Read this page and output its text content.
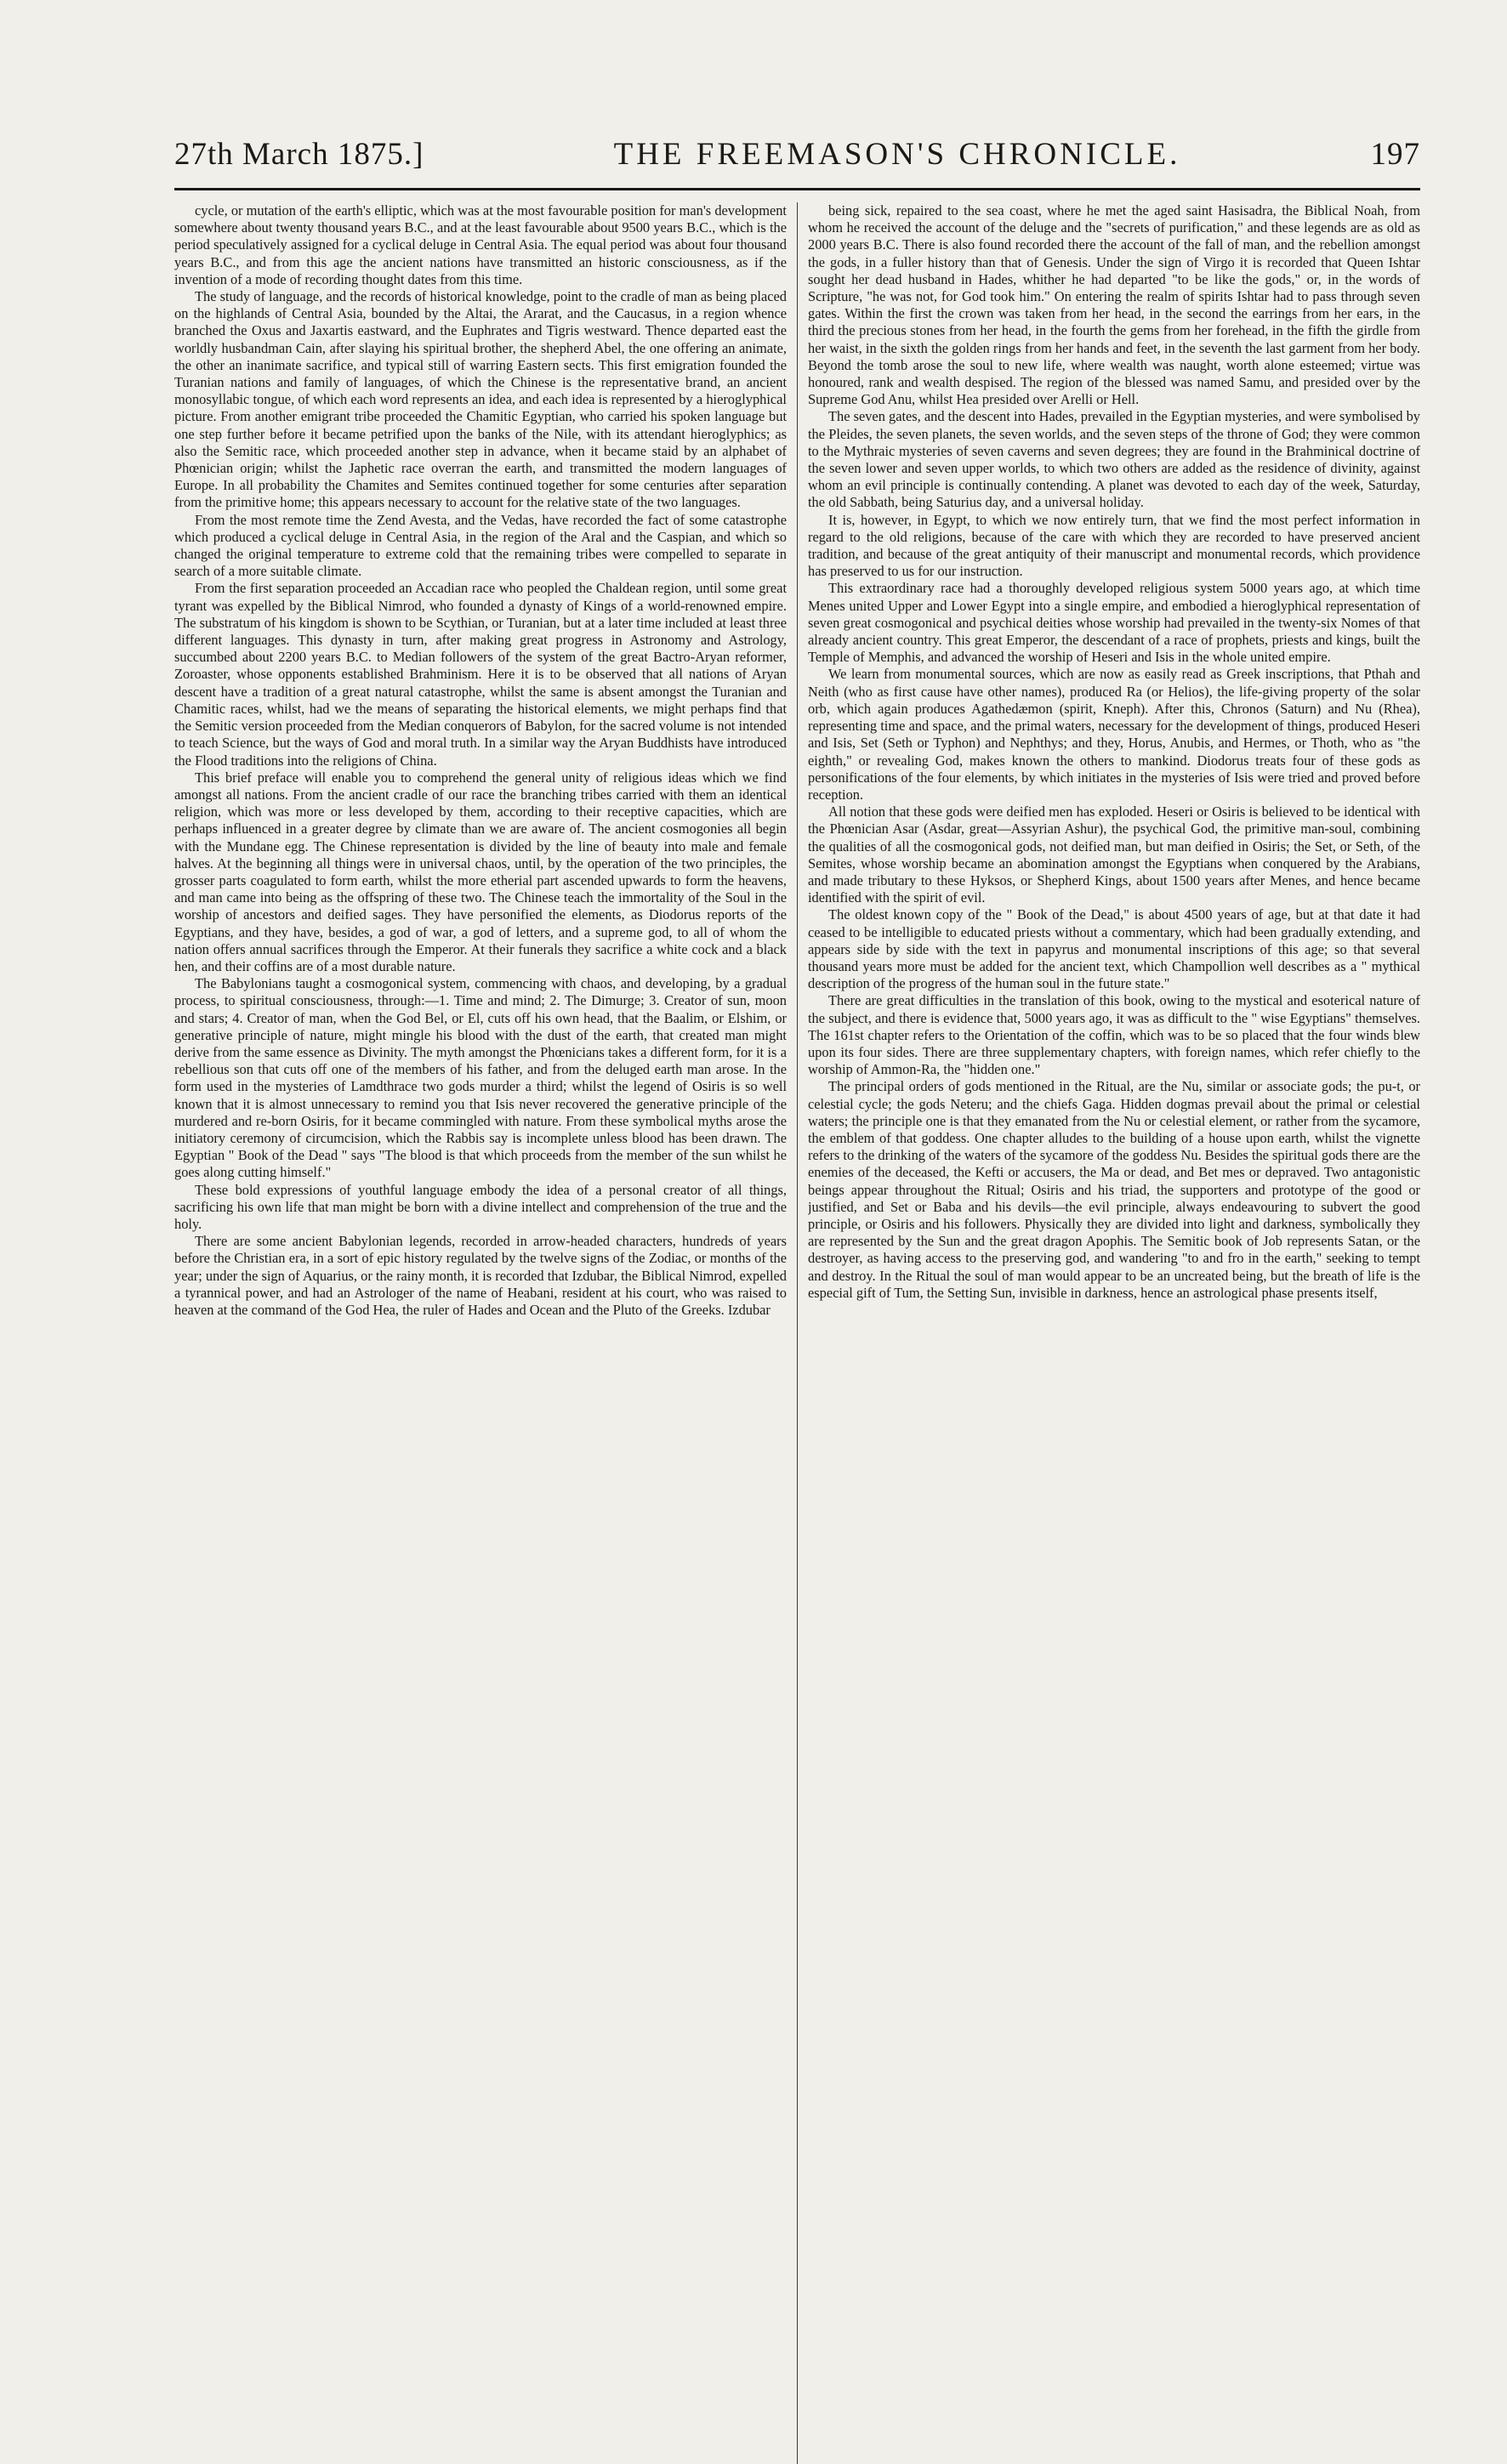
27th March 1875.]	THE FREEMASON'S CHRONICLE.	197

cycle, or mutation of the earth's elliptic, which was at the most favourable position for man's development somewhere about twenty thousand years B.C., and at the least favourable about 9500 years B.C., which is the period speculatively assigned for a cyclical deluge in Central Asia. The equal period was about four thousand years B.C., and from this age the ancient nations have transmitted an historic consciousness, as if the invention of a mode of recording thought dates from this time.

The study of language, and the records of historical knowledge, point to the cradle of man as being placed on the highlands of Central Asia, bounded by the Altai, the Ararat, and the Caucasus, in a region whence branched the Oxus and Jaxartis eastward, and the Euphrates and Tigris westward. Thence departed east the worldly husbandman Cain, after slaying his spiritual brother, the shepherd Abel, the one offering an animate, the other an inanimate sacrifice, and typical still of warring Eastern sects. This first emigration founded the Turanian nations and family of languages, of which the Chinese is the representative brand, an ancient monosyllabic tongue, of which each word represents an idea, and each idea is represented by a hieroglyphical picture. From another emigrant tribe proceeded the Chamitic Egyptian, who carried his spoken language but one step further before it became petrified upon the banks of the Nile, with its attendant hieroglyphics; as also the Semitic race, which proceeded another step in advance, when it became staid by an alphabet of Phœnician origin; whilst the Japhetic race overran the earth, and transmitted the modern languages of Europe. In all probability the Chamites and Semites continued together for some centuries after separation from the primitive home; this appears necessary to account for the relative state of the two languages.

From the most remote time the Zend Avesta, and the Vedas, have recorded the fact of some catastrophe which produced a cyclical deluge in Central Asia, in the region of the Aral and the Caspian, and which so changed the original temperature to extreme cold that the remaining tribes were compelled to separate in search of a more suitable climate.

From the first separation proceeded an Accadian race who peopled the Chaldean region, until some great tyrant was expelled by the Biblical Nimrod, who founded a dynasty of Kings of a world-renowned empire. The substratum of his kingdom is shown to be Scythian, or Turanian, but at a later time included at least three different languages. This dynasty in turn, after making great progress in Astronomy and Astrology, succumbed about 2200 years B.C. to Median followers of the system of the great Bactro-Aryan reformer, Zoroaster, whose opponents established Brahminism. Here it is to be observed that all nations of Aryan descent have a tradition of a great natural catastrophe, whilst the same is absent amongst the Turanian and Chamitic races, whilst, had we the means of separating the historical elements, we might perhaps find that the Semitic version proceeded from the Median conquerors of Babylon, for the sacred volume is not intended to teach Science, but the ways of God and moral truth. In a similar way the Aryan Buddhists have introduced the Flood traditions into the religions of China.

This brief preface will enable you to comprehend the general unity of religious ideas which we find amongst all nations. From the ancient cradle of our race the branching tribes carried with them an identical religion, which was more or less developed by them, according to their receptive capacities, which are perhaps influenced in a greater degree by climate than we are aware of. The ancient cosmogonies all begin with the Mundane egg. The Chinese representation is divided by the line of beauty into male and female halves. At the beginning all things were in universal chaos, until, by the operation of the two principles, the grosser parts coagulated to form earth, whilst the more etherial part ascended upwards to form the heavens, and man came into being as the offspring of these two. The Chinese teach the immortality of the Soul in the worship of ancestors and deified sages. They have personified the elements, as Diodorus reports of the Egyptians, and they have, besides, a god of war, a god of letters, and a supreme god, to all of whom the nation offers annual sacrifices through the Emperor. At their funerals they sacrifice a white cock and a black hen, and their coffins are of a most durable nature.

The Babylonians taught a cosmogonical system, commencing with chaos, and developing, by a gradual process, to spiritual consciousness, through:—1. Time and mind; 2. The Dimurge; 3. Creator of sun, moon and stars; 4. Creator of man, when the God Bel, or El, cuts off his own head, that the Baalim, or Elshim, or generative principle of nature, might mingle his blood with the dust of the earth, that created man might derive from the same essence as Divinity. The myth amongst the Phœnicians takes a different form, for it is a rebellious son that cuts off one of the members of his father, and from the deluged earth man arose. In the form used in the mysteries of Lamdthrace two gods murder a third; whilst the legend of Osiris is so well known that it is almost unnecessary to remind you that Isis never recovered the generative principle of the murdered and re-born Osiris, for it became commingled with nature. From these symbolical myths arose the initiatory ceremony of circumcision, which the Rabbis say is incomplete unless blood has been drawn. The Egyptian " Book of the Dead " says "The blood is that which proceeds from the member of the sun whilst he goes along cutting himself."

These bold expressions of youthful language embody the idea of a personal creator of all things, sacrificing his own life that man might be born with a divine intellect and comprehension of the true and the holy.

There are some ancient Babylonian legends, recorded in arrow-headed characters, hundreds of years before the Christian era, in a sort of epic history regulated by the twelve signs of the Zodiac, or months of the year; under the sign of Aquarius, or the rainy month, it is recorded that Izdubar, the Biblical Nimrod, expelled a tyrannical power, and had an Astrologer of the name of Heabani, resident at his court, who was raised to heaven at the command of the God Hea, the ruler of Hades and Ocean and the Pluto of the Greeks. Izdubar

being sick, repaired to the sea coast, where he met the aged saint Hasisadra, the Biblical Noah, from whom he received the account of the deluge and the "secrets of purification," and these legends are as old as 2000 years B.C. There is also found recorded there the account of the fall of man, and the rebellion amongst the gods, in a fuller history than that of Genesis. Under the sign of Virgo it is recorded that Queen Ishtar sought her dead husband in Hades, whither he had departed "to be like the gods," or, in the words of Scripture, "he was not, for God took him." On entering the realm of spirits Ishtar had to pass through seven gates. Within the first the crown was taken from her head, in the second the earrings from her ears, in the third the precious stones from her head, in the fourth the gems from her forehead, in the fifth the girdle from her waist, in the sixth the golden rings from her hands and feet, in the seventh the last garment from her body. Beyond the tomb arose the soul to new life, where wealth was naught, worth alone esteemed; virtue was honoured, rank and wealth despised. The region of the blessed was named Samu, and presided over by the Supreme God Anu, whilst Hea presided over Arelli or Hell.

The seven gates, and the descent into Hades, prevailed in the Egyptian mysteries, and were symbolised by the Pleides, the seven planets, the seven worlds, and the seven steps of the throne of God; they were common to the Mythraic mysteries of seven caverns and seven degrees; they are found in the Brahminical doctrine of the seven lower and seven upper worlds, to which two others are added as the residence of divinity, against whom an evil principle is continually contending. A planet was devoted to each day of the week, Saturday, the old Sabbath, being Saturius day, and a universal holiday.

It is, however, in Egypt, to which we now entirely turn, that we find the most perfect information in regard to the old religions, because of the care with which they are recorded to have preserved ancient tradition, and because of the great antiquity of their manuscript and monumental records, which providence has preserved to us for our instruction.

This extraordinary race had a thoroughly developed religious system 5000 years ago, at which time Menes united Upper and Lower Egypt into a single empire, and embodied a hieroglyphical representation of seven great cosmogonical and psychical deities whose worship had prevailed in the twenty-six Nomes of that already ancient country. This great Emperor, the descendant of a race of prophets, priests and kings, built the Temple of Memphis, and advanced the worship of Heseri and Isis in the whole united empire.

We learn from monumental sources, which are now as easily read as Greek inscriptions, that Pthah and Neith (who as first cause have other names), produced Ra (or Helios), the life-giving property of the solar orb, which again produces Agathedæmon (spirit, Kneph). After this, Chronos (Saturn) and Nu (Rhea), representing time and space, and the primal waters, necessary for the development of things, produced Heseri and Isis, Set (Seth or Typhon) and Nephthys; and they, Horus, Anubis, and Hermes, or Thoth, who as "the eighth," or revealing God, makes known the others to mankind. Diodorus treats four of these gods as personifications of the four elements, by which initiates in the mysteries of Isis were tried and proved before reception.

All notion that these gods were deified men has exploded. Heseri or Osiris is believed to be identical with the Phœnician Asar (Asdar, great—Assyrian Ashur), the psychical God, the primitive man-soul, combining the qualities of all the cosmogonical gods, not deified man, but man deified in Osiris; the Set, or Seth, of the Semites, whose worship became an abomination amongst the Egyptians when conquered by the Arabians, and made tributary to these Hyksos, or Shepherd Kings, about 1500 years after Menes, and hence became identified with the spirit of evil.

The oldest known copy of the " Book of the Dead," is about 4500 years of age, but at that date it had ceased to be intelligible to educated priests without a commentary, which had been gradually extending, and appears side by side with the text in papyrus and monumental inscriptions of this age; so that several thousand years more must be added for the ancient text, which Champollion well describes as a " mythical description of the progress of the human soul in the future state."

There are great difficulties in the translation of this book, owing to the mystical and esoterical nature of the subject, and there is evidence that, 5000 years ago, it was as difficult to the " wise Egyptians" themselves. The 161st chapter refers to the Orientation of the coffin, which was to be so placed that the four winds blew upon its four sides. There are three supplementary chapters, with foreign names, which refer chiefly to the worship of Ammon-Ra, the "hidden one."

The principal orders of gods mentioned in the Ritual, are the Nu, similar or associate gods; the pu-t, or celestial cycle; the gods Neteru; and the chiefs Gaga. Hidden dogmas prevail about the primal or celestial waters; the principle one is that they emanated from the Nu or celestial element, or rather from the sycamore, the emblem of that goddess. One chapter alludes to the building of a house upon earth, whilst the vignette refers to the drinking of the waters of the sycamore of the goddess Nu. Besides the spiritual gods there are the enemies of the deceased, the Kefti or accusers, the Ma or dead, and Bet mes or depraved. Two antagonistic beings appear throughout the Ritual; Osiris and his triad, the supporters and prototype of the good or justified, and Set or Baba and his devils—the evil principle, always endeavouring to subvert the good principle, or Osiris and his followers. Physically they are divided into light and darkness, symbolically they are represented by the Sun and the great dragon Apophis. The Semitic book of Job represents Satan, or the destroyer, as having access to the preserving god, and wandering "to and fro in the earth," seeking to tempt and destroy. In the Ritual the soul of man would appear to be an uncreated being, but the breath of life is the especial gift of Tum, the Setting Sun, invisible in darkness, hence an astrological phase presents itself,
